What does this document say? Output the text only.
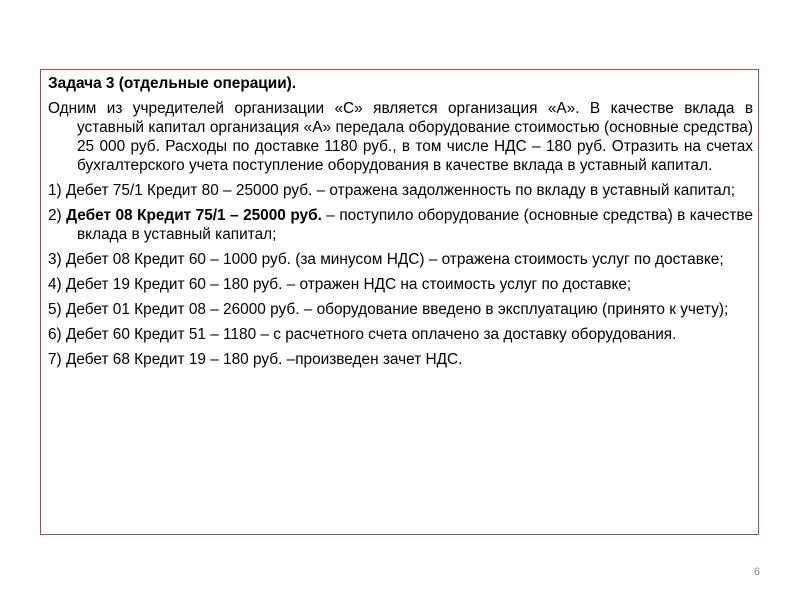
Задача 3 (отдельные операции).

Одним из учредителей организации «С» является организация «А». В качестве вклада в уставный капитал организация «А» передала оборудование стоимостью (основные средства) 25 000 руб. Расходы по доставке 1180 руб., в том числе НДС – 180 руб. Отразить на счетах бухгалтерского учета поступление оборудования в качестве вклада в уставный капитал.

1) Дебет 75/1 Кредит 80 – 25000 руб. – отражена задолженность по вкладу в уставный капитал;

2) Дебет 08 Кредит 75/1 – 25000 руб. – поступило оборудование (основные средства) в качестве вклада в уставный капитал;

3) Дебет 08 Кредит 60 – 1000 руб. (за минусом НДС) – отражена стоимость услуг по доставке;

4) Дебет 19 Кредит 60 – 180 руб. – отражен НДС на стоимость услуг по доставке;

5) Дебет 01 Кредит 08 – 26000 руб. – оборудование введено в эксплуатацию (принято к учету);

6) Дебет 60 Кредит 51 – 1180 – с расчетного счета оплачено за доставку оборудования.

7) Дебет 68 Кредит 19 – 180 руб. –произведен зачет НДС.

6
